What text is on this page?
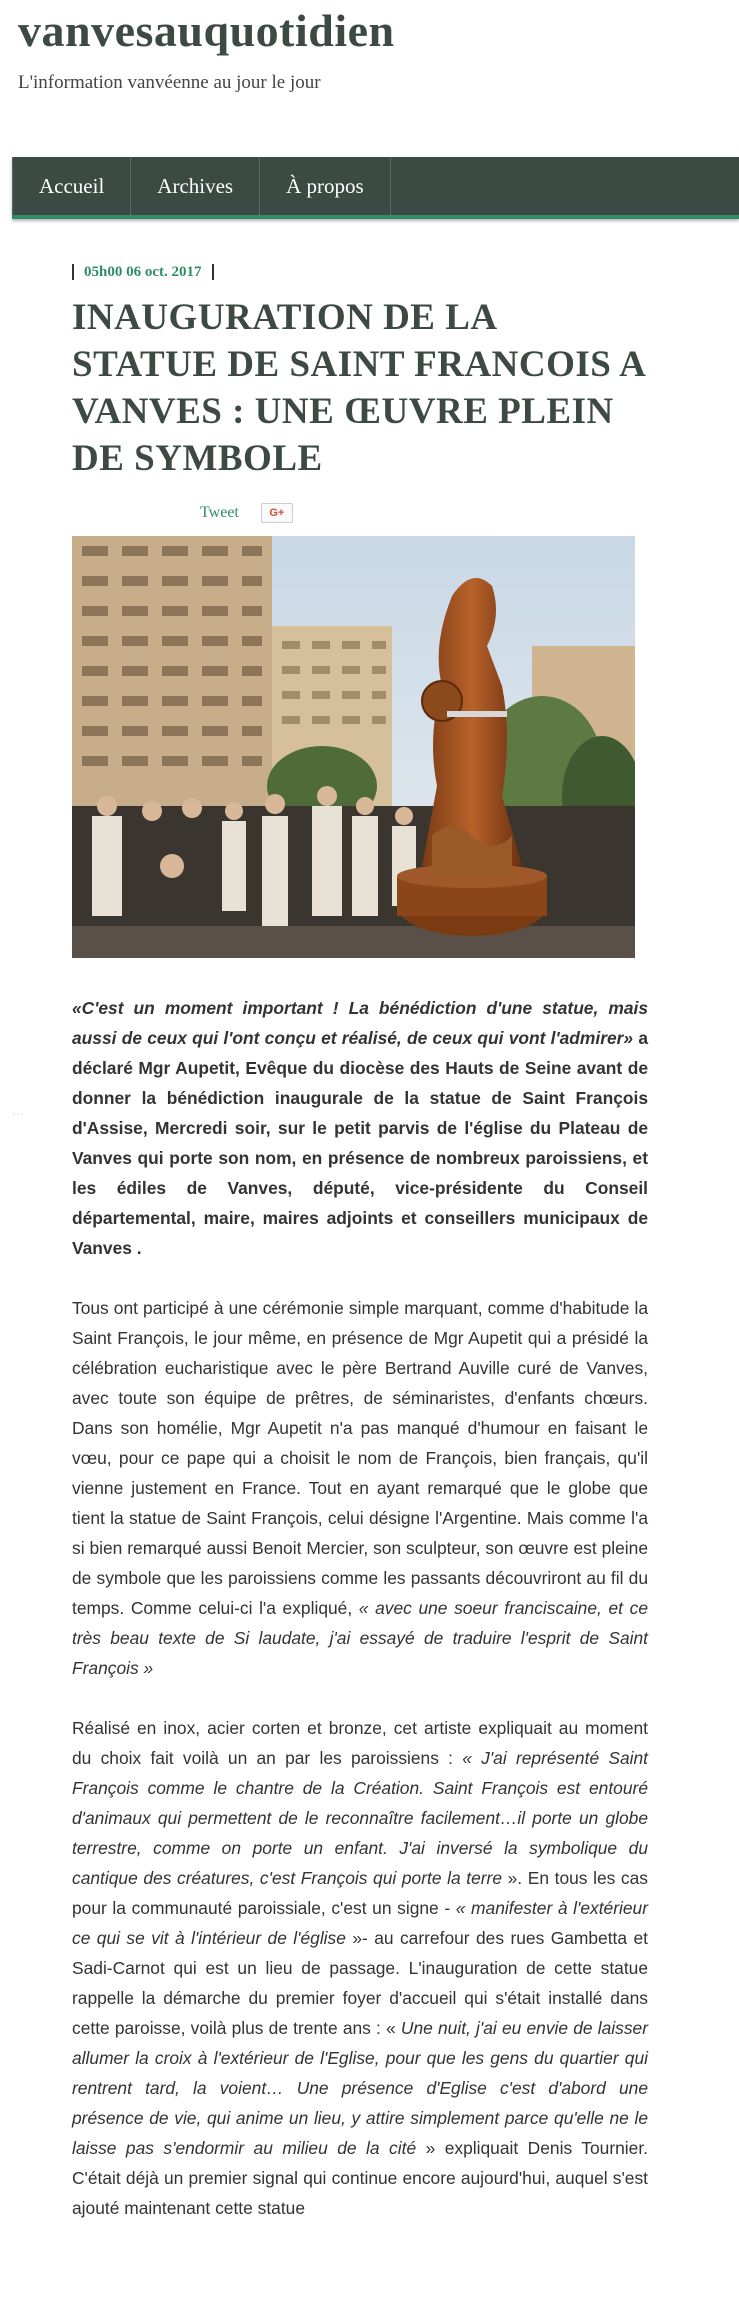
vanvesauquotidien

L'information vanvéenne au jour le jour

Accueil	Archives	À propos
· · ·
05h00 06 oct. 2017
INAUGURATION DE LA STATUE DE SAINT FRANCOIS A VANVES : UNE ŒUVRE PLEIN DE SYMBOLE
Tweet	G+

«C'est un moment important ! La bénédiction d'une statue, mais aussi de ceux qui l'ont conçu et réalisé, de ceux qui vont l'admirer» a déclaré Mgr Aupetit, Evêque du diocèse des Hauts de Seine avant de donner la bénédiction inaugurale de la statue de Saint François d'Assise, Mercredi soir, sur le petit parvis de l'église du Plateau de Vanves qui porte son nom, en présence de nombreux paroissiens, et les édiles de Vanves, député, vice-présidente du Conseil départemental, maire, maires adjoints et conseillers municipaux de Vanves .

Tous ont participé à une cérémonie simple marquant, comme d'habitude la Saint François, le jour même, en présence de Mgr Aupetit qui a présidé la célébration eucharistique avec le père Bertrand Auville curé de Vanves, avec toute son équipe de prêtres, de séminaristes, d'enfants chœurs. Dans son homélie, Mgr Aupetit n'a pas manqué d'humour en faisant le vœu, pour ce pape qui a choisit le nom de François, bien français, qu'il vienne justement en France. Tout en ayant remarqué que le globe que tient la statue de Saint François, celui désigne l'Argentine. Mais comme l'a si bien remarqué aussi Benoit Mercier, son sculpteur, son œuvre est pleine de symbole que les paroissiens comme les passants découvriront au fil du temps. Comme celui-ci l'a expliqué, « avec une soeur franciscaine, et ce très beau texte de Si laudate, j'ai essayé de traduire l'esprit de Saint François »

Réalisé en inox, acier corten et bronze, cet artiste expliquait au moment du choix fait voilà un an par les paroissiens : « J'ai représenté Saint François comme le chantre de la Création. Saint François est entouré d'animaux qui permettent de le reconnaître facilement…il porte un globe terrestre, comme on porte un enfant. J'ai inversé la symbolique du cantique des créatures, c'est François qui porte la terre ». En tous les cas pour la communauté paroissiale, c'est un signe - « manifester à l'extérieur ce qui se vit à l'intérieur de l'église »- au carrefour des rues Gambetta et Sadi-Carnot qui est un lieu de passage. L'inauguration de cette statue rappelle la démarche du premier foyer d'accueil qui s'était installé dans cette paroisse, voilà plus de trente ans : « Une nuit, j'ai eu envie de laisser allumer la croix à l'extérieur de l'Eglise, pour que les gens du quartier qui rentrent tard, la voient… Une présence d'Eglise c'est d'abord une présence de vie, qui anime un lieu, y attire simplement parce qu'elle ne le laisse pas s'endormir au milieu de la cité » expliquait Denis Tournier. C'était déjà un premier signal qui continue encore aujourd'hui, auquel s'est ajouté maintenant cette statue
